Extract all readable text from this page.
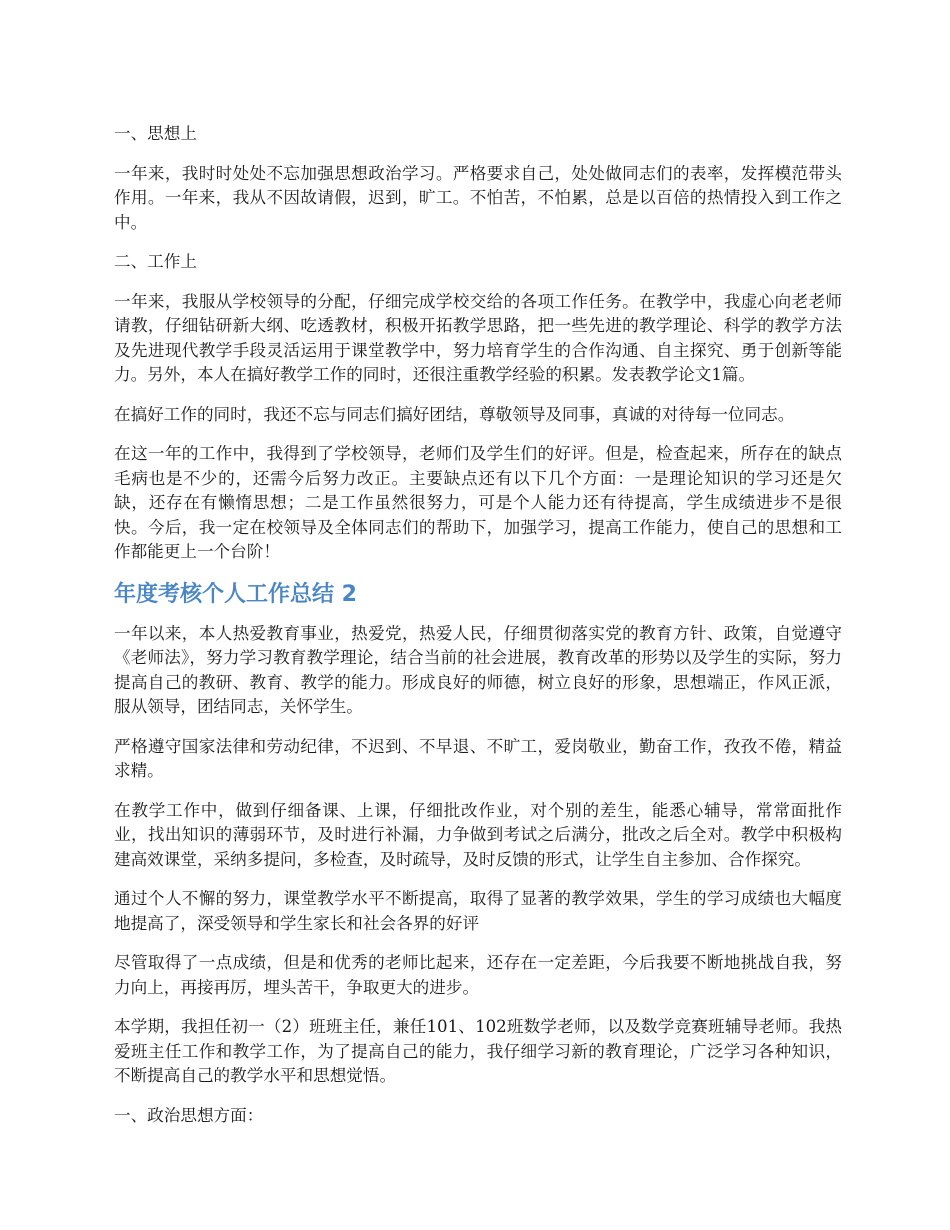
一、思想上

一年来，我时时处处不忘加强思想政治学习。严格要求自己，处处做同志们的表率，发挥模范带头作用。一年来，我从不因故请假，迟到，旷工。不怕苦，不怕累，总是以百倍的热情投入到工作之中。

二、工作上

一年来，我服从学校领导的分配，仔细完成学校交给的各项工作任务。在教学中，我虚心向老老师请教，仔细钻研新大纲、吃透教材，积极开拓教学思路，把一些先进的教学理论、科学的教学方法及先进现代教学手段灵活运用于课堂教学中，努力培育学生的合作沟通、自主探究、勇于创新等能力。另外，本人在搞好教学工作的同时，还很注重教学经验的积累。发表教学论文1篇。

在搞好工作的同时，我还不忘与同志们搞好团结，尊敬领导及同事，真诚的对待每一位同志。

在这一年的工作中，我得到了学校领导，老师们及学生们的好评。但是，检查起来，所存在的缺点毛病也是不少的，还需今后努力改正。主要缺点还有以下几个方面：一是理论知识的学习还是欠缺，还存在有懒惰思想；二是工作虽然很努力，可是个人能力还有待提高，学生成绩进步不是很快。今后，我一定在校领导及全体同志们的帮助下，加强学习，提高工作能力，使自己的思想和工作都能更上一个台阶！

年度考核个人工作总结 2

一年以来，本人热爱教育事业，热爱党，热爱人民，仔细贯彻落实党的教育方针、政策，自觉遵守《老师法》，努力学习教育教学理论，结合当前的社会进展，教育改革的形势以及学生的实际，努力提高自己的教研、教育、教学的能力。形成良好的师德，树立良好的形象，思想端正，作风正派，服从领导，团结同志，关怀学生。

严格遵守国家法律和劳动纪律，不迟到、不早退、不旷工，爱岗敬业，勤奋工作，孜孜不倦，精益求精。

在教学工作中，做到仔细备课、上课，仔细批改作业，对个别的差生，能悉心辅导，常常面批作业，找出知识的薄弱环节，及时进行补漏，力争做到考试之后满分，批改之后全对。教学中积极构建高效课堂，采纳多提问，多检查，及时疏导，及时反馈的形式，让学生自主参加、合作探究。

通过个人不懈的努力，课堂教学水平不断提高，取得了显著的教学效果，学生的学习成绩也大幅度地提高了，深受领导和学生家长和社会各界的好评

尽管取得了一点成绩，但是和优秀的老师比起来，还存在一定差距，今后我要不断地挑战自我，努力向上，再接再厉，埋头苦干，争取更大的进步。

本学期，我担任初一（2）班班主任，兼任101、102班数学老师，以及数学竞赛班辅导老师。我热爱班主任工作和教学工作，为了提高自己的能力，我仔细学习新的教育理论，广泛学习各种知识，不断提高自己的教学水平和思想觉悟。

一、政治思想方面：
